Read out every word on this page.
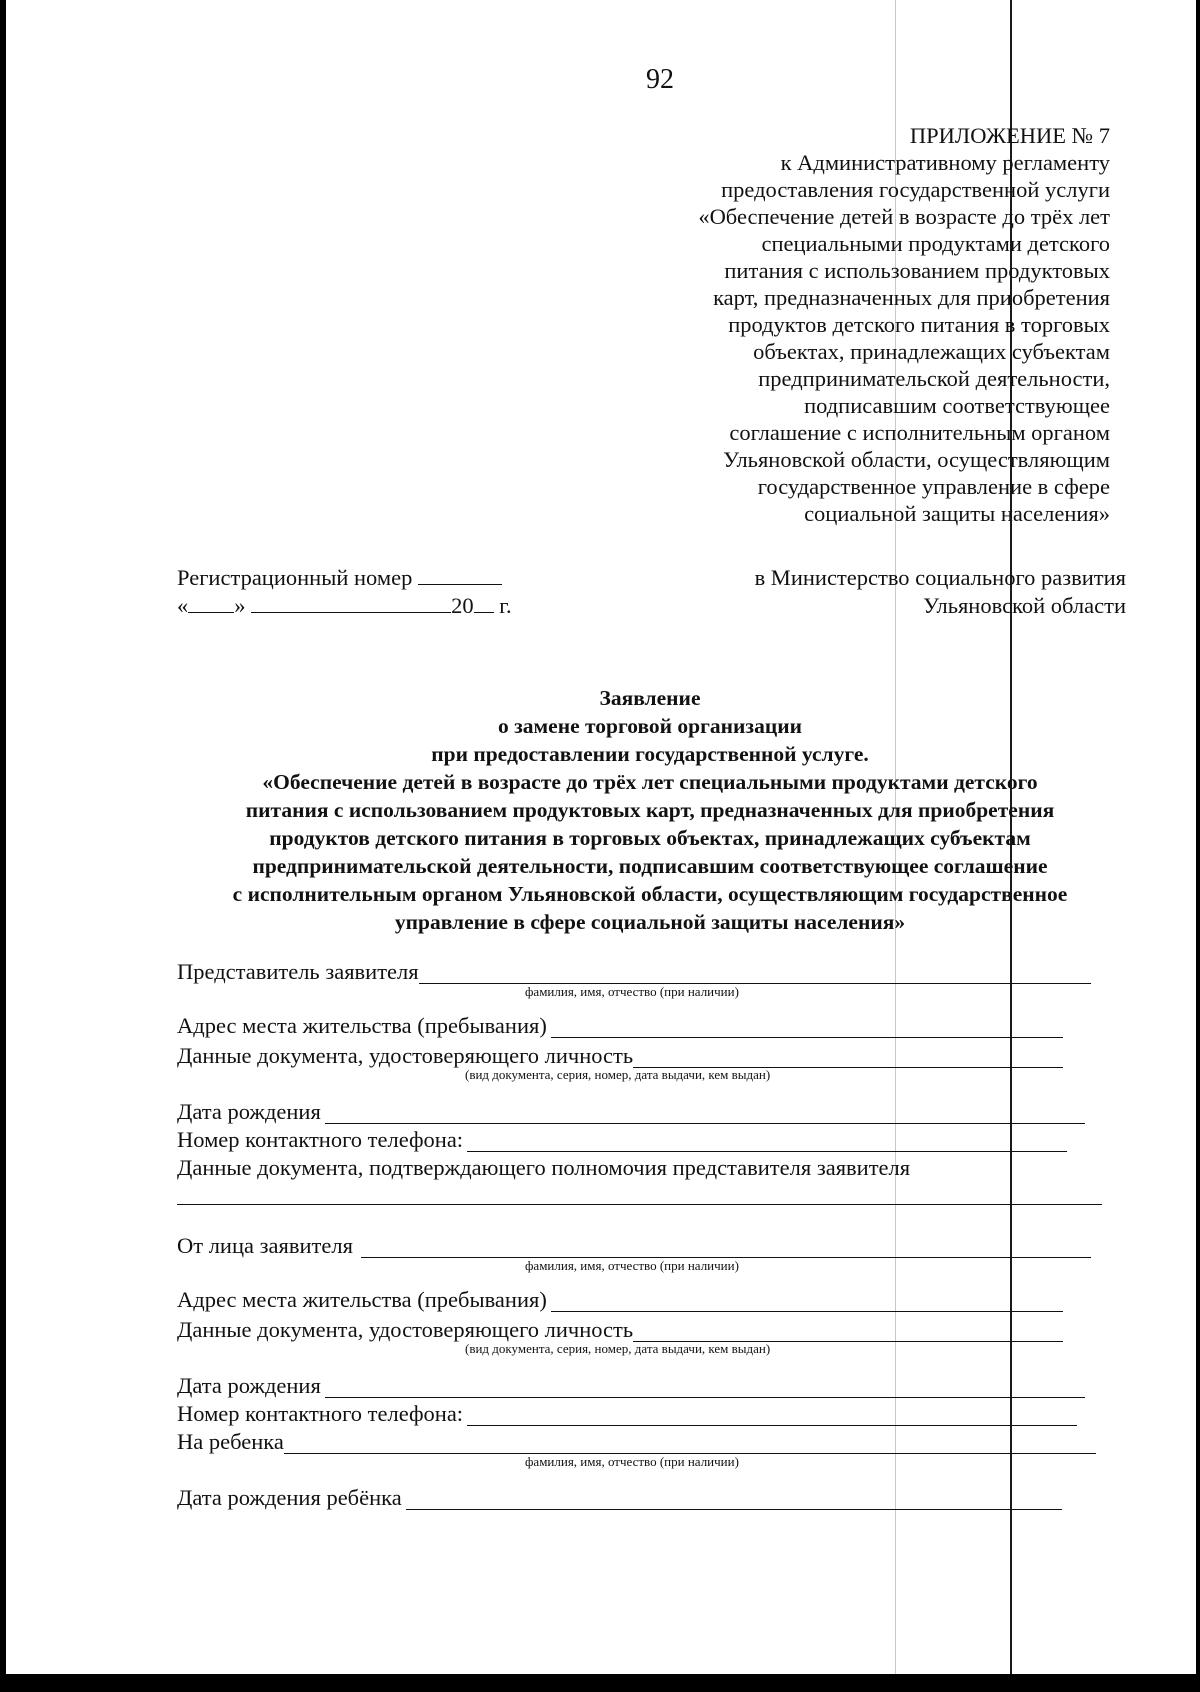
92
ПРИЛОЖЕНИЕ № 7
к Административному регламенту
предоставления государственной услуги
«Обеспечение детей в возрасте до трёх лет
специальными продуктами детского
питания с использованием продуктовых
карт, предназначенных для приобретения
продуктов детского питания в торговых
объектах, принадлежащих субъектам
предпринимательской деятельности,
подписавшим соответствующее
соглашение с исполнительным органом
Ульяновской области, осуществляющим
государственное управление в сфере
социальной защиты населения»
Регистрационный номер
« »	20 г.
в Министерство социального развития
Ульяновской области
Заявление
о замене торговой организации
при предоставлении государственной услуге.
«Обеспечение детей в возрасте до трёх лет специальными продуктами детского
питания с использованием продуктовых карт, предназначенных для приобретения
продуктов детского питания в торговых объектах, принадлежащих субъектам
предпринимательской деятельности, подписавшим соответствующее соглашение
с исполнительным органом Ульяновской области, осуществляющим государственное
управление в сфере социальной защиты населения»
Представитель заявителя
фамилия, имя, отчество (при наличии)
Адрес места жительства (пребывания)
Данные документа, удостоверяющего личность
(вид документа, серия, номер, дата выдачи, кем выдан)
Дата рождения
Номер контактного телефона:
Данные документа, подтверждающего полномочия представителя заявителя
От лица заявителя
фамилия, имя, отчество (при наличии)
Адрес места жительства (пребывания)
Данные документа, удостоверяющего личность
(вид документа, серия, номер, дата выдачи, кем выдан)
Дата рождения
Номер контактного телефона:
На ребенка
фамилия, имя, отчество (при наличии)
Дата рождения ребёнка
